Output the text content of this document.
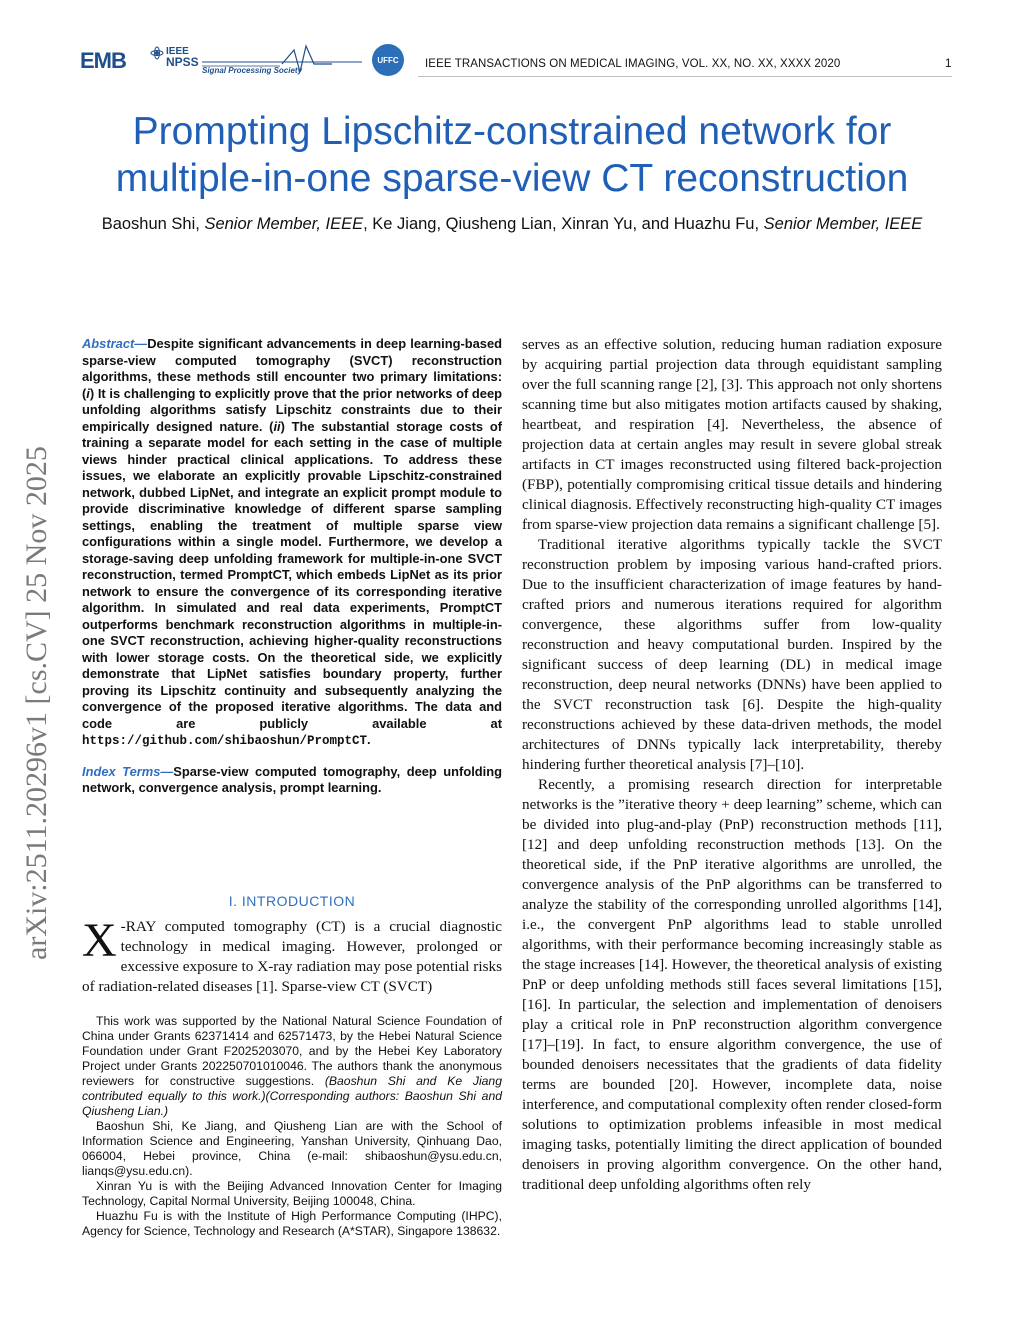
EMB	IEEE
NPSS
Signal Processing Society
UFFC	IEEE TRANSACTIONS ON MEDICAL IMAGING, VOL. XX, NO. XX, XXXX 2020	1
arXiv:2511.20296v1 [cs.CV] 25 Nov 2025
Prompting Lipschitz-constrained network for
multiple-in-one sparse-view CT reconstruction
Baoshun Shi, Senior Member, IEEE, Ke Jiang, Qiusheng Lian, Xinran Yu, and Huazhu Fu, Senior Member, IEEE

Abstract—Despite significant advancements in deep learning-based sparse-view computed tomography (SVCT) reconstruction algorithms, these methods still encounter two primary limitations: (i) It is challenging to explicitly prove that the prior networks of deep unfolding algorithms satisfy Lipschitz constraints due to their empirically designed nature. (ii) The substantial storage costs of training a separate model for each setting in the case of multiple views hinder practical clinical applications. To address these issues, we elaborate an explicitly provable Lipschitz-constrained network, dubbed LipNet, and integrate an explicit prompt module to provide discriminative knowledge of different sparse sampling settings, enabling the treatment of multiple sparse view configurations within a single model. Furthermore, we develop a storage-saving deep unfolding framework for multiple-in-one SVCT reconstruction, termed PromptCT, which embeds LipNet as its prior network to ensure the convergence of its corresponding iterative algorithm. In simulated and real data experiments, PromptCT outperforms benchmark reconstruction algorithms in multiple-in-one SVCT reconstruction, achieving higher-quality reconstructions with lower storage costs. On the theoretical side, we explicitly demonstrate that LipNet satisfies boundary property, further proving its Lipschitz continuity and subsequently analyzing the convergence of the proposed iterative algorithms. The data and code are publicly available at https://github.com/shibaoshun/PromptCT.

Index Terms—Sparse-view computed tomography, deep unfolding network, convergence analysis, prompt learning.

I. INTRODUCTION

X -RAY computed tomography (CT) is a crucial diagnostic technology in medical imaging. However, prolonged or excessive exposure to X-ray radiation may pose potential risks of radiation-related diseases [1]. Sparse-view CT (SVCT)

This work was supported by the National Natural Science Foundation of China under Grants 62371414 and 62571473, by the Hebei Natural Science Foundation under Grant F2025203070, and by the Hebei Key Laboratory Project under Grants 202250701010046. The authors thank the anonymous reviewers for constructive suggestions. (Baoshun Shi and Ke Jiang contributed equally to this work.)(Corresponding authors: Baoshun Shi and Qiusheng Lian.)

Baoshun Shi, Ke Jiang, and Qiusheng Lian are with the School of Information Science and Engineering, Yanshan University, Qinhuang Dao, 066004, Hebei province, China (e-mail: shibaoshun@ysu.edu.cn, lianqs@ysu.edu.cn).

Xinran Yu is with the Beijing Advanced Innovation Center for Imaging Technology, Capital Normal University, Beijing 100048, China.

Huazhu Fu is with the Institute of High Performance Computing (IHPC), Agency for Science, Technology and Research (A*STAR), Singapore 138632.

serves as an effective solution, reducing human radiation exposure by acquiring partial projection data through equidistant sampling over the full scanning range [2], [3]. This approach not only shortens scanning time but also mitigates motion artifacts caused by shaking, heartbeat, and respiration [4]. Nevertheless, the absence of projection data at certain angles may result in severe global streak artifacts in CT images reconstructed using filtered back-projection (FBP), potentially compromising critical tissue details and hindering clinical diagnosis. Effectively reconstructing high-quality CT images from sparse-view projection data remains a significant challenge [5].

Traditional iterative algorithms typically tackle the SVCT reconstruction problem by imposing various hand-crafted priors. Due to the insufficient characterization of image features by hand-crafted priors and numerous iterations required for algorithm convergence, these algorithms suffer from low-quality reconstruction and heavy computational burden. Inspired by the significant success of deep learning (DL) in medical image reconstruction, deep neural networks (DNNs) have been applied to the SVCT reconstruction task [6]. Despite the high-quality reconstructions achieved by these data-driven methods, the model architectures of DNNs typically lack interpretability, thereby hindering further theoretical analysis [7]–[10].

Recently, a promising research direction for interpretable networks is the ”iterative theory + deep learning” scheme, which can be divided into plug-and-play (PnP) reconstruction methods [11], [12] and deep unfolding reconstruction methods [13]. On the theoretical side, if the PnP iterative algorithms are unrolled, the convergence analysis of the PnP algorithms can be transferred to analyze the stability of the corresponding unrolled algorithms [14], i.e., the convergent PnP algorithms lead to stable unrolled algorithms, with their performance becoming increasingly stable as the stage increases [14]. However, the theoretical analysis of existing PnP or deep unfolding methods still faces several limitations [15], [16]. In particular, the selection and implementation of denoisers play a critical role in PnP reconstruction algorithm convergence [17]–[19]. In fact, to ensure algorithm convergence, the use of bounded denoisers necessitates that the gradients of data fidelity terms are bounded [20]. However, incomplete data, noise interference, and computational complexity often render closed-form solutions to optimization problems infeasible in most medical imaging tasks, potentially limiting the direct application of bounded denoisers in proving algorithm convergence. On the other hand, traditional deep unfolding algorithms often rely
